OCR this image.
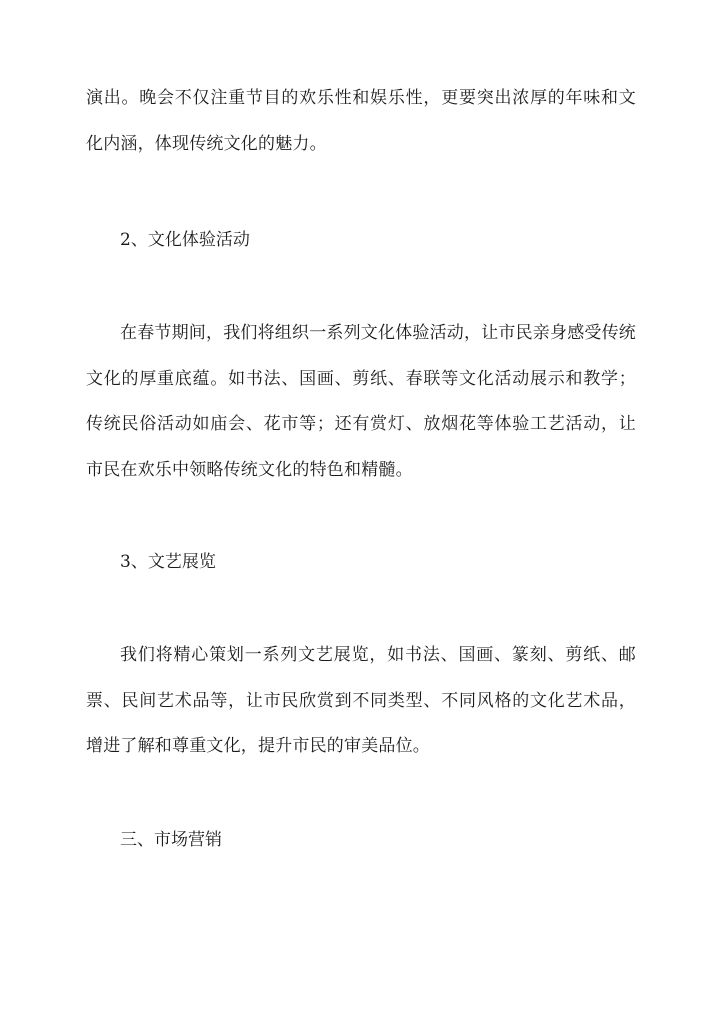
演出。晚会不仅注重节目的欢乐性和娱乐性，更要突出浓厚的年味和文化内涵，体现传统文化的魅力。

2、文化体验活动

在春节期间，我们将组织一系列文化体验活动，让市民亲身感受传统文化的厚重底蕴。如书法、国画、剪纸、春联等文化活动展示和教学；传统民俗活动如庙会、花市等；还有赏灯、放烟花等体验工艺活动，让市民在欢乐中领略传统文化的特色和精髓。

3、文艺展览

我们将精心策划一系列文艺展览，如书法、国画、篆刻、剪纸、邮票、民间艺术品等，让市民欣赏到不同类型、不同风格的文化艺术品，增进了解和尊重文化，提升市民的审美品位。

三、市场营销
